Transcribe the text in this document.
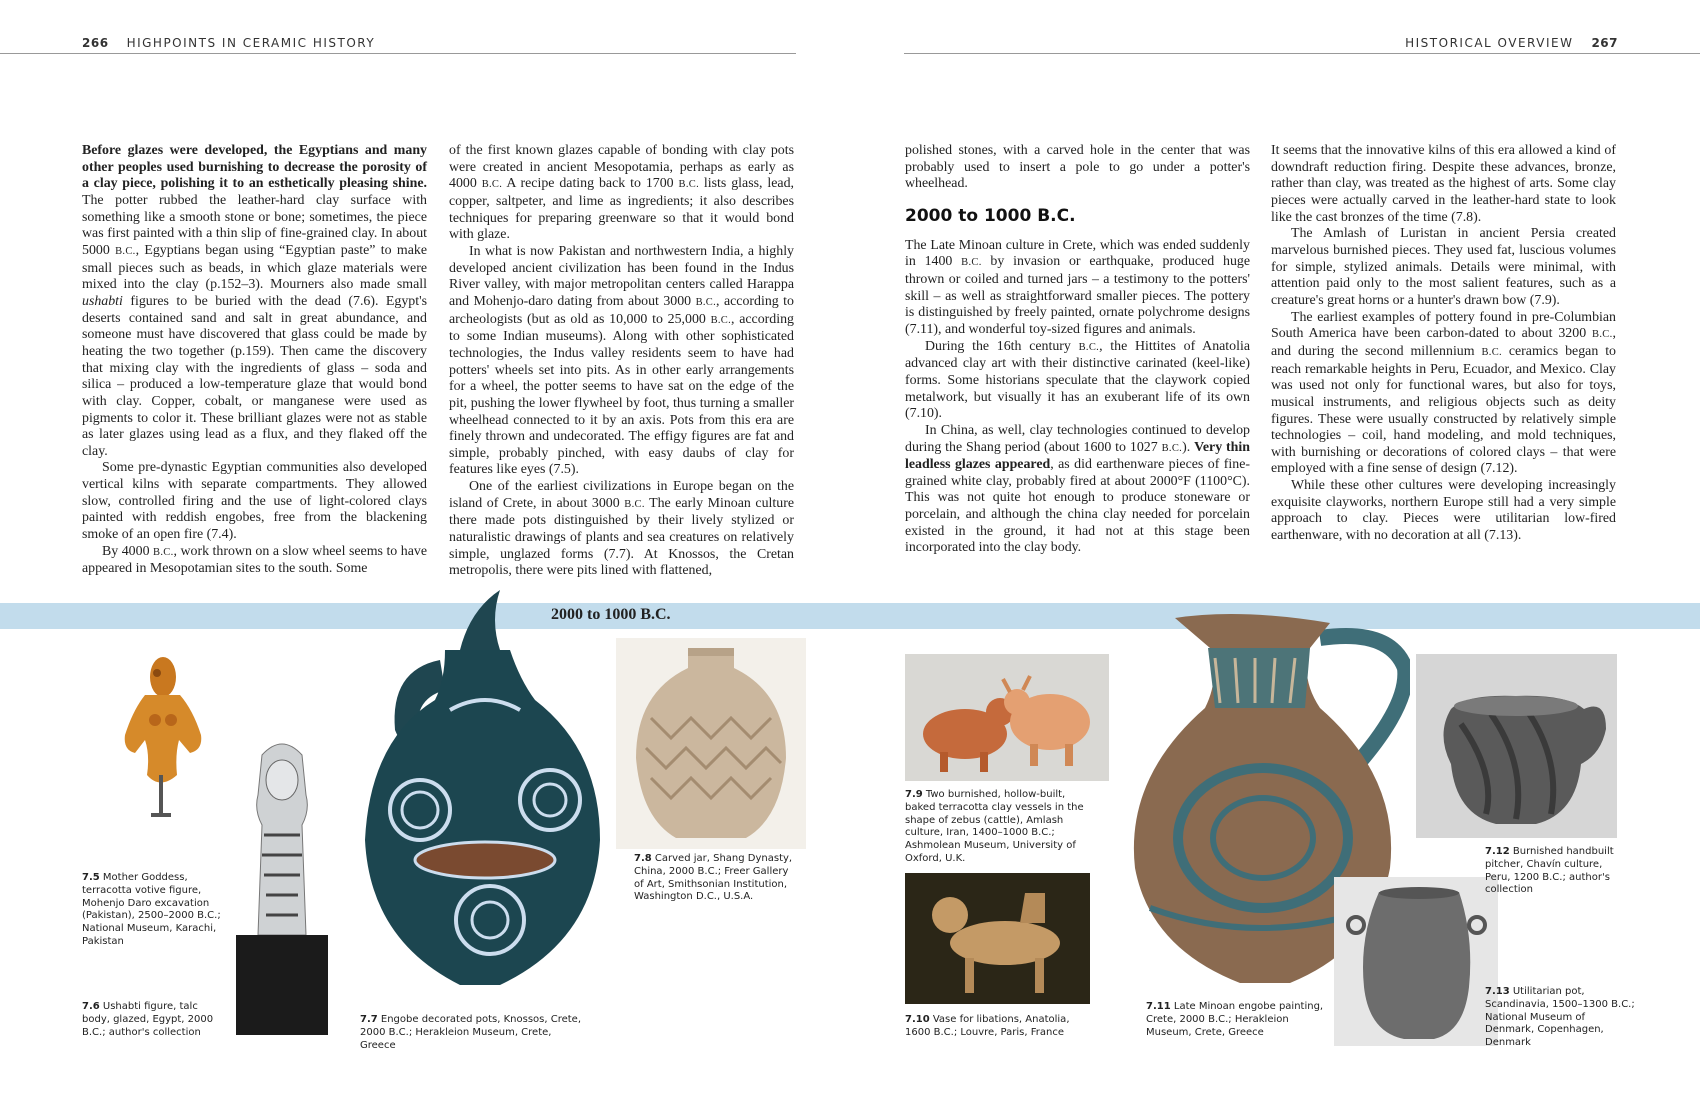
266 HIGHPOINTS IN CERAMIC HISTORY	HISTORICAL OVERVIEW 267

Before glazes were developed, the Egyptians and many other peoples used burnishing to decrease the porosity of a clay piece, polishing it to an esthetically pleasing shine. The potter rubbed the leather-hard clay surface with something like a smooth stone or bone; sometimes, the piece was first painted with a thin slip of fine-grained clay. In about 5000 B.C., Egyptians began using “Egyptian paste” to make small pieces such as beads, in which glaze materials were mixed into the clay (p.152–3). Mourners also made small ushabti figures to be buried with the dead (7.6). Egypt's deserts contained sand and salt in great abundance, and someone must have discovered that glass could be made by heating the two together (p.159). Then came the discovery that mixing clay with the ingredients of glass – soda and silica – produced a low-temperature glaze that would bond with clay. Copper, cobalt, or manganese were used as pigments to color it. These brilliant glazes were not as stable as later glazes using lead as a flux, and they flaked off the clay.

Some pre-dynastic Egyptian communities also developed vertical kilns with separate compartments. They allowed slow, controlled firing and the use of light-colored clays painted with reddish engobes, free from the blackening smoke of an open fire (7.4).

By 4000 B.C., work thrown on a slow wheel seems to have appeared in Mesopotamian sites to the south. Some

of the first known glazes capable of bonding with clay pots were created in ancient Mesopotamia, perhaps as early as 4000 B.C. A recipe dating back to 1700 B.C. lists glass, lead, copper, saltpeter, and lime as ingredients; it also describes techniques for preparing greenware so that it would bond with glaze.

In what is now Pakistan and northwestern India, a highly developed ancient civilization has been found in the Indus River valley, with major metropolitan centers called Harappa and Mohenjo-daro dating from about 3000 B.C., according to archeologists (but as old as 10,000 to 25,000 B.C., according to some Indian museums). Along with other sophisticated technologies, the Indus valley residents seem to have had potters' wheels set into pits. As in other early arrangements for a wheel, the potter seems to have sat on the edge of the pit, pushing the lower flywheel by foot, thus turning a smaller wheelhead connected to it by an axis. Pots from this era are finely thrown and undecorated. The effigy figures are fat and simple, probably pinched, with easy daubs of clay for features like eyes (7.5).

One of the earliest civilizations in Europe began on the island of Crete, in about 3000 B.C. The early Minoan culture there made pots distinguished by their lively stylized or naturalistic drawings of plants and sea creatures on relatively simple, unglazed forms (7.7). At Knossos, the Cretan metropolis, there were pits lined with flattened,

polished stones, with a carved hole in the center that was probably used to insert a pole to go under a potter's wheelhead.

2000 to 1000 B.C.

The Late Minoan culture in Crete, which was ended suddenly in 1400 B.C. by invasion or earthquake, produced huge thrown or coiled and turned jars – a testimony to the potters' skill – as well as straightforward smaller pieces. The pottery is distinguished by freely painted, ornate polychrome designs (7.11), and wonderful toy-sized figures and animals.

During the 16th century B.C., the Hittites of Anatolia advanced clay art with their distinctive carinated (keel-like) forms. Some historians speculate that the claywork copied metalwork, but visually it has an exuberant life of its own (7.10).

In China, as well, clay technologies continued to develop during the Shang period (about 1600 to 1027 B.C.). Very thin leadless glazes appeared, as did earthenware pieces of fine-grained white clay, probably fired at about 2000°F (1100°C). This was not quite hot enough to produce stoneware or porcelain, and although the china clay needed for porcelain existed in the ground, it had not at this stage been incorporated into the clay body.

It seems that the innovative kilns of this era allowed a kind of downdraft reduction firing. Despite these advances, bronze, rather than clay, was treated as the highest of arts. Some clay pieces were actually carved in the leather-hard state to look like the cast bronzes of the time (7.8).

The Amlash of Luristan in ancient Persia created marvelous burnished pieces. They used fat, luscious volumes for simple, stylized animals. Details were minimal, with attention paid only to the most salient features, such as a creature's great horns or a hunter's drawn bow (7.9).

The earliest examples of pottery found in pre-Columbian South America have been carbon-dated to about 3200 B.C., and during the second millennium B.C. ceramics began to reach remarkable heights in Peru, Ecuador, and Mexico. Clay was used not only for functional wares, but also for toys, musical instruments, and religious objects such as deity figures. These were usually constructed by relatively simple technologies – coil, hand modeling, and mold techniques, with burnishing or decorations of colored clays – that were employed with a fine sense of design (7.12).

While these other cultures were developing increasingly exquisite clayworks, northern Europe still had a very simple approach to clay. Pieces were utilitarian low-fired earthenware, with no decoration at all (7.13).

2000 to 1000 B.C.
7.5 Mother Goddess, terracotta votive figure, Mohenjo Daro excavation (Pakistan), 2500–2000 B.C.; National Museum, Karachi, Pakistan
7.6 Ushabti figure, talc body, glazed, Egypt, 2000 B.C.; author's collection
7.7 Engobe decorated pots, Knossos, Crete, 2000 B.C.; Herakleion Museum, Crete, Greece
7.8 Carved jar, Shang Dynasty, China, 2000 B.C.; Freer Gallery of Art, Smithsonian Institution, Washington D.C., U.S.A.
7.9 Two burnished, hollow-built, baked terracotta clay vessels in the shape of zebus (cattle), Amlash culture, Iran, 1400–1000 B.C.; Ashmolean Museum, University of Oxford, U.K.
7.10 Vase for libations, Anatolia, 1600 B.C.; Louvre, Paris, France
7.11 Late Minoan engobe painting, Crete, 2000 B.C.; Herakleion Museum, Crete, Greece
7.12 Burnished handbuilt pitcher, Chavín culture, Peru, 1200 B.C.; author's collection
7.13 Utilitarian pot, Scandinavia, 1500–1300 B.C.; National Museum of Denmark, Copenhagen, Denmark
